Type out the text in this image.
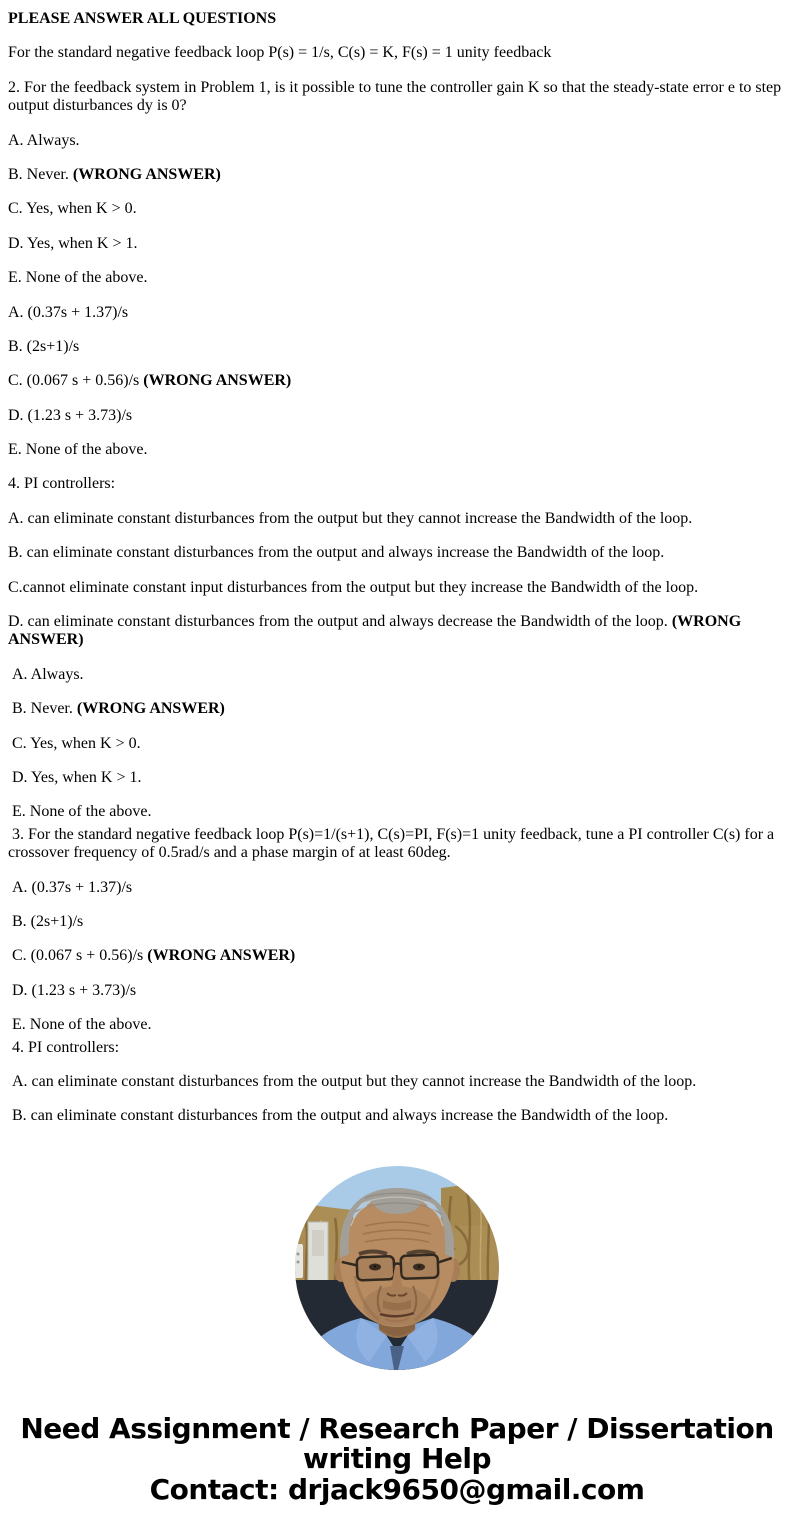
PLEASE ANSWER ALL QUESTIONS

For the standard negative feedback loop P(s) = 1/s, C(s) = K, F(s) = 1 unity feedback

2. For the feedback system in Problem 1, is it possible to tune the controller gain K so that the steady-state error e to step output disturbances dy is 0?

A. Always.

B. Never. (WRONG ANSWER)

C. Yes, when K > 0.

D. Yes, when K > 1.

E. None of the above.

A. (0.37s + 1.37)/s

B. (2s+1)/s

C. (0.067 s + 0.56)/s (WRONG ANSWER)

D. (1.23 s + 3.73)/s

E. None of the above.

4. PI controllers:

A. can eliminate constant disturbances from the output but they cannot increase the Bandwidth of the loop.

B. can eliminate constant disturbances from the output and always increase the Bandwidth of the loop.

C.cannot eliminate constant input disturbances from the output but they increase the Bandwidth of the loop.

D. can eliminate constant disturbances from the output and always decrease the Bandwidth of the loop. (WRONG ANSWER)

A. Always.

B. Never. (WRONG ANSWER)

C. Yes, when K > 0.

D. Yes, when K > 1.

E. None of the above.

3. For the standard negative feedback loop P(s)=1/(s+1), C(s)=PI, F(s)=1 unity feedback, tune a PI controller C(s) for a crossover frequency of 0.5rad/s and a phase margin of at least 60deg.

A. (0.37s + 1.37)/s

B. (2s+1)/s

C. (0.067 s + 0.56)/s (WRONG ANSWER)

D. (1.23 s + 3.73)/s

E. None of the above.

4. PI controllers:

A. can eliminate constant disturbances from the output but they cannot increase the Bandwidth of the loop.

B. can eliminate constant disturbances from the output and always increase the Bandwidth of the loop.

Need Assignment / Research Paper / Dissertation writing Help
Contact: drjack9650@gmail.com
